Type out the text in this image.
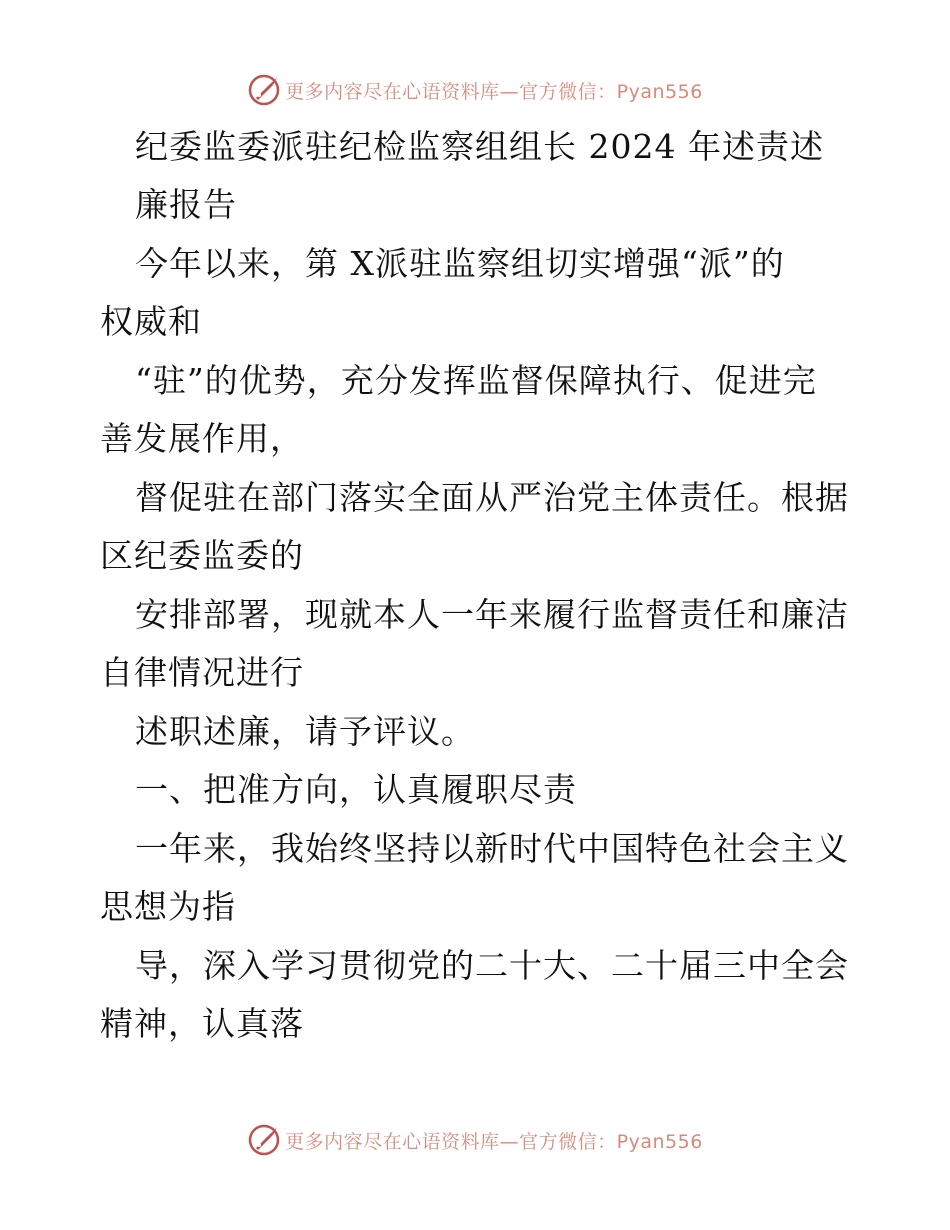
更多内容尽在心语资料库—官方微信：Pyan556
纪委监委派驻纪检监察组组长 2024 年述责述
廉报告
今年以来，第 X派驻监察组切实增强“派”的
权威和
“驻”的优势，充分发挥监督保障执行、促进完
善发展作用，
督促驻在部门落实全面从严治党主体责任。根据
区纪委监委的
安排部署，现就本人一年来履行监督责任和廉洁
自律情况进行
述职述廉，请予评议。
一、把准方向，认真履职尽责
一年来，我始终坚持以新时代中国特色社会主义
思想为指
导，深入学习贯彻党的二十大、二十届三中全会
精神，认真落
更多内容尽在心语资料库—官方微信：Pyan556
